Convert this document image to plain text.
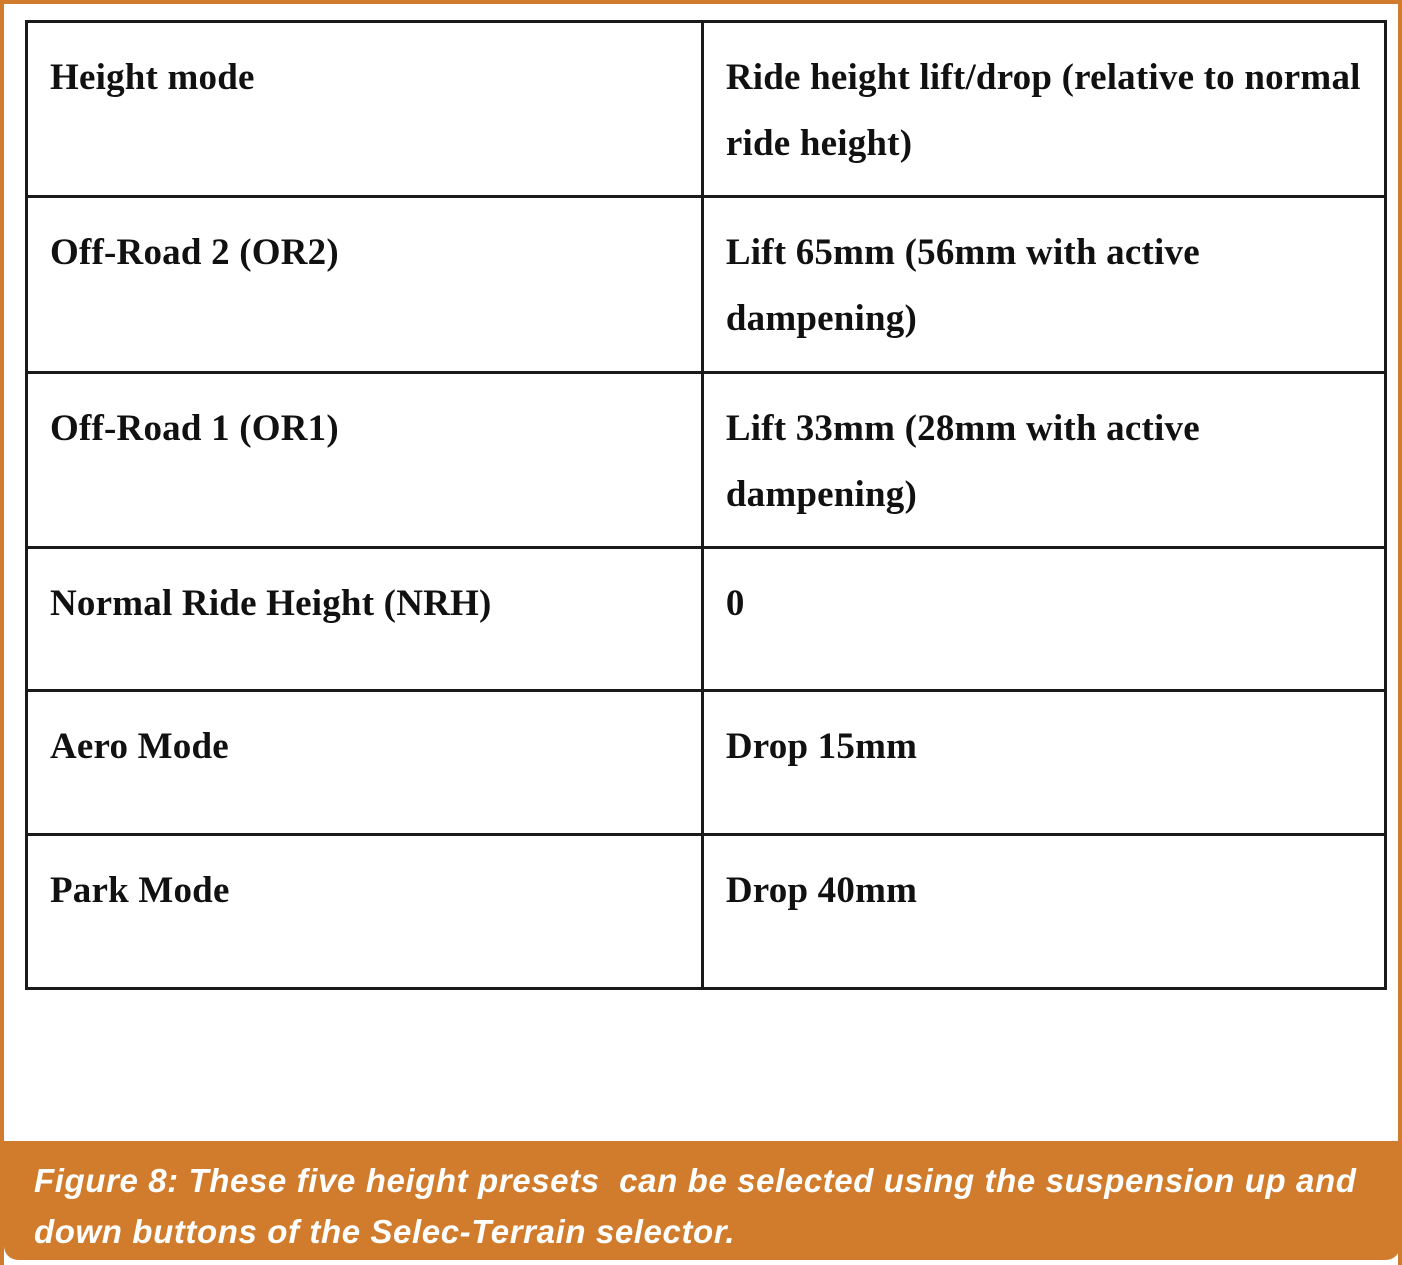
Height mode	Ride height lift/drop (relative to normal ride height)
Off-Road 2 (OR2)	Lift 65mm (56mm with active dampening)
Off-Road 1 (OR1)	Lift 33mm (28mm with active dampening)
Normal Ride Height (NRH)	0
Aero Mode	Drop 15mm
Park Mode	Drop 40mm
Figure 8: These five height presets  can be selected using the suspension up and down buttons of the Selec-Terrain selector.
